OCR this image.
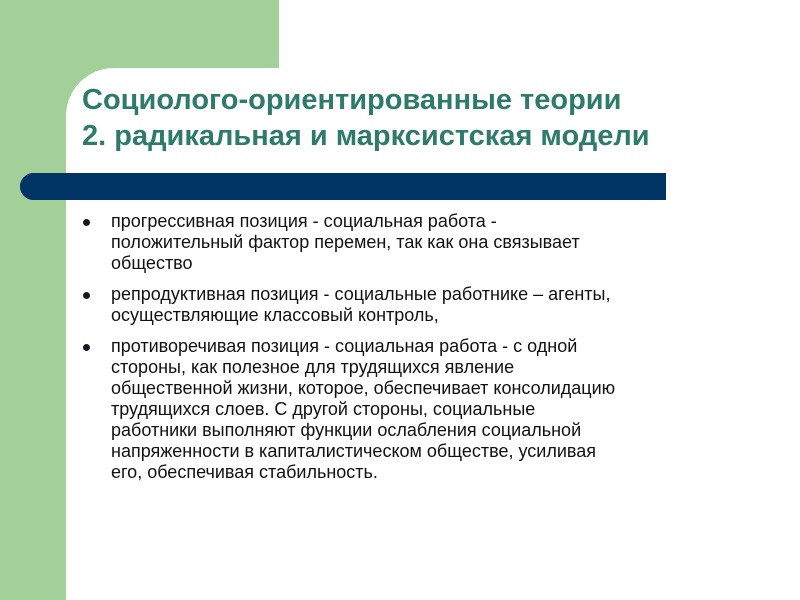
Социолого-ориентированные теории
2. радикальная и марксистская модели
прогрессивная позиция - социальная работа -
положительный фактор перемен, так как она связывает
общество
репродуктивная позиция - социальные работнике – агенты,
осуществляющие классовый контроль,
противоречивая позиция - социальная работа - с одной
стороны, как полезное для трудящихся явление
общественной жизни, которое, обеспечивает консолидацию
трудящихся слоев. С другой стороны, социальные
работники выполняют функции ослабления социальной
напряженности в капиталистическом обществе, усиливая
его, обеспечивая стабильность.
